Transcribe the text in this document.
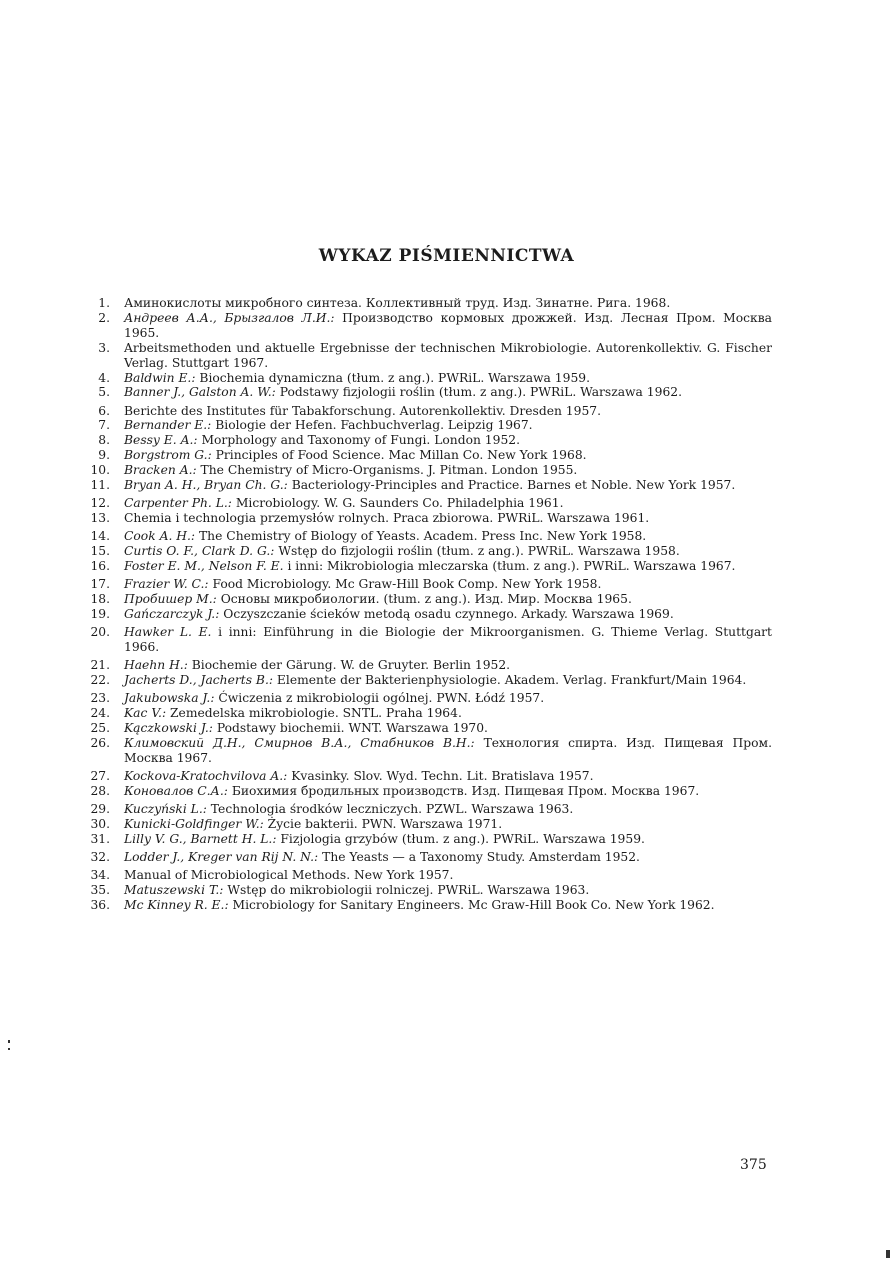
WYKAZ PIŚMIENNICTWA
1. Аминокислоты микробного синтеза. Коллективный труд. Изд. Зинатне. Рига. 1968.
2. Андреев А.А., Брызгалов Л.И.: Производство кормовых дрожжей. Изд. Лесная Пром. Москва 1965.
3. Arbeitsmethoden und aktuelle Ergebnisse der technischen Mikrobiologie. Autorenkollektiv. G. Fischer Verlag. Stuttgart 1967.
4. Baldwin E.: Biochemia dynamiczna (tłum. z ang.). PWRiL. Warszawa 1959.
5. Banner J., Galston A. W.: Podstawy fizjologii roślin (tłum. z ang.). PWRiL. Warszawa 1962.
6. Berichte des Institutes für Tabakforschung. Autorenkollektiv. Dresden 1957.
7. Bernander E.: Biologie der Hefen. Fachbuchverlag. Leipzig 1967.
8. Bessy E. A.: Morphology and Taxonomy of Fungi. London 1952.
9. Borgstrom G.: Principles of Food Science. Mac Millan Co. New York 1968.
10. Bracken A.: The Chemistry of Micro-Organisms. J. Pitman. London 1955.
11. Bryan A. H., Bryan Ch. G.: Bacteriology-Principles and Practice. Barnes et Noble. New York 1957.
12. Carpenter Ph. L.: Microbiology. W. G. Saunders Co. Philadelphia 1961.
13. Chemia i technologia przemysłów rolnych. Praca zbiorowa. PWRiL. Warszawa 1961.
14. Cook A. H.: The Chemistry of Biology of Yeasts. Academ. Press Inc. New York 1958.
15. Curtis O. F., Clark D. G.: Wstęp do fizjologii roślin (tłum. z ang.). PWRiL. Warszawa 1958.
16. Foster E. M., Nelson F. E. i inni: Mikrobiologia mleczarska (tłum. z ang.). PWRiL. Warszawa 1967.
17. Frazier W. C.: Food Microbiology. Mc Graw-Hill Book Comp. New York 1958.
18. Пробишер М.: Основы микробиологии. (tłum. z ang.). Изд. Мир. Москва 1965.
19. Gańczarczyk J.: Oczyszczanie ścieków metodą osadu czynnego. Arkady. Warszawa 1969.
20. Hawker L. E. i inni: Einführung in die Biologie der Mikroorganismen. G. Thieme Verlag. Stuttgart 1966.
21. Haehn H.: Biochemie der Gärung. W. de Gruyter. Berlin 1952.
22. Jacherts D., Jacherts B.: Elemente der Bakterienphysiologie. Akadem. Verlag. Frankfurt/Main 1964.
23. Jakubowska J.: Ćwiczenia z mikrobiologii ogólnej. PWN. Łódź 1957.
24. Kac V.: Zemedelska mikrobiologie. SNTL. Praha 1964.
25. Kączkowski J.: Podstawy biochemii. WNT. Warszawa 1970.
26. Климовский Д.Н., Смирнов В.А., Стабников В.Н.: Технология спирта. Изд. Пищевая Пром. Москва 1967.
27. Kockova-Kratochvilova A.: Kvasinky. Slov. Wyd. Techn. Lit. Bratislava 1957.
28. Коновалов С.А.: Биохимия бродильных производств. Изд. Пищевая Пром. Москва 1967.
29. Kuczyński L.: Technologia środków leczniczych. PZWL. Warszawa 1963.
30. Kunicki-Goldfinger W.: Życie bakterii. PWN. Warszawa 1971.
31. Lilly V. G., Barnett H. L.: Fizjologia grzybów (tłum. z ang.). PWRiL. Warszawa 1959.
32. Lodder J., Kreger van Rij N. N.: The Yeasts — a Taxonomy Study. Amsterdam 1952.
34. Manual of Microbiological Methods. New York 1957.
35. Matuszewski T.: Wstęp do mikrobiologii rolniczej. PWRiL. Warszawa 1963.
36. Mc Kinney R. E.: Microbiology for Sanitary Engineers. Mc Graw-Hill Book Co. New York 1962.
375
